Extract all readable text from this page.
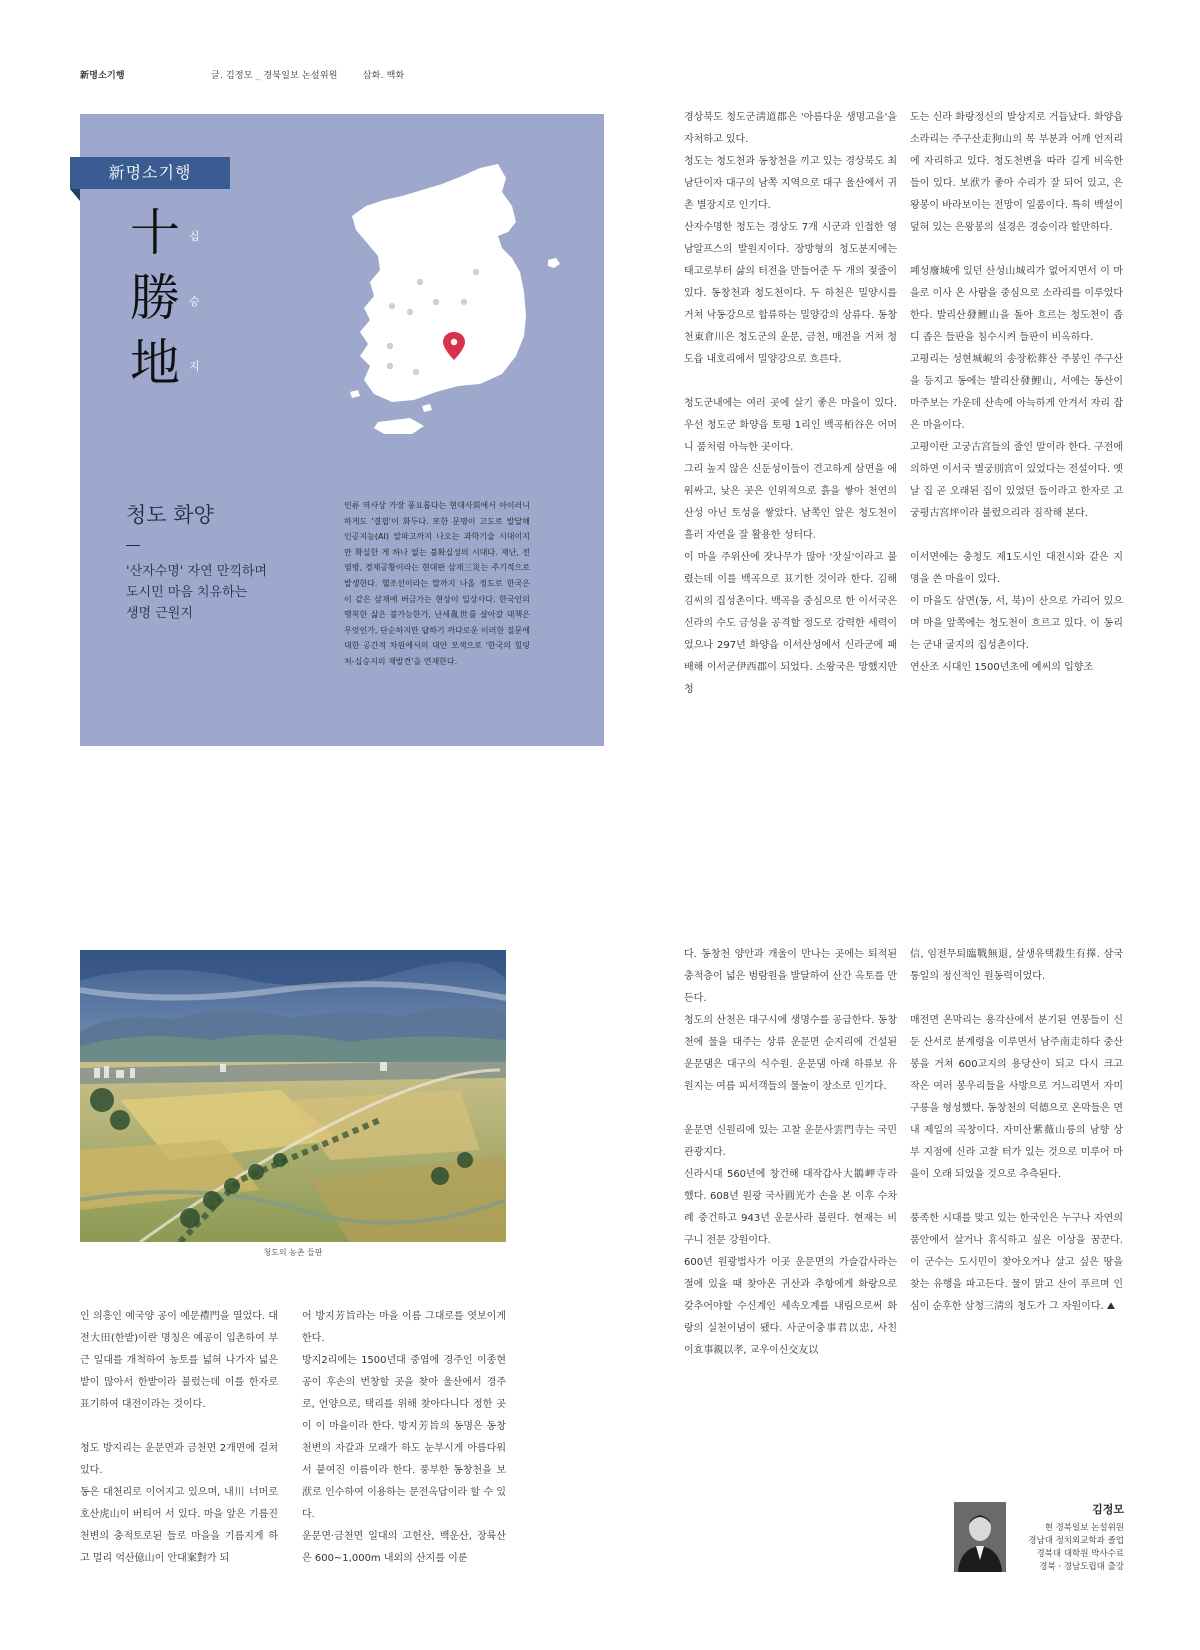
新명소기행	글. 김정모 _ 경북일보 논설위원	삽화. 백화
新명소기행
十
勝
地
십
승
지
청도 화양
'산자수명' 자연 만끽하며
도시민 마음 치유하는
생명 근원지

인류 역사상 가장 풍요롭다는 현대사회에서 아이러니하게도 '결핍'이 화두다. 또한 문명이 고도로 발달해 인공지능(AI) 알파고까지 나오는 과학기술 시대이지만 확실한 게 하나 없는 불확실성의 시대다. 재난, 전염병, 경제공황이라는 현대판 삼재三災는 주기적으로 발생한다. 헬조선이라는 말까지 나올 정도로 한국은 이 같은 삼재에 버금가는 현상이 일상사다. 한국인의 행복한 삶은 불가능한가, 난세亂世를 살아갈 대책은 무엇인가, 단순하지만 답하기 까다로운 이러한 질문에 대한 공간적 차원에서의 대안 모색으로 '한국의 힐링처-십승지의 재발견'을 연재한다.

경상북도 청도군淸道郡은 '아름다운 생명고을'을 자처하고 있다.

청도는 청도천과 동창천을 끼고 있는 경상북도 최남단이자 대구의 남쪽 지역으로 대구 울산에서 귀촌 별장지로 인기다.

산자수명한 청도는 경상도 7개 시군과 인접한 영남알프스의 발원지이다. 장방형의 청도분지에는 태고로부터 삶의 터전을 만들어준 두 개의 젖줄이 있다. 동창천과 청도천이다. 두 하천은 밀양시를 거쳐 낙동강으로 합류하는 밀양강의 상류다. 동창천東倉川은 청도군의 운문, 금천, 매전을 거쳐 청도읍 내호리에서 밀양강으로 흐른다.

청도군내에는 여러 곳에 살기 좋은 마을이 있다. 우선 청도군 화양읍 토평 1리인 백곡栢谷은 어머니 품처럼 아늑한 곳이다.

그리 높지 않은 신둔성이들이 견고하게 삼면을 에워싸고, 낮은 곳은 인위적으로 흙을 쌓아 천연의 산성 아닌 토성을 쌓았다. 남쪽인 앞은 청도천이 흘러 자연을 잘 활용한 성터다.

이 마을 주위산에 잣나무가 많아 '잣실'이라고 불렸는데 이를 백곡으로 표기한 것이라 한다. 김해김씨의 집성촌이다. 백곡을 중심으로 한 이서국은 신라의 수도 금성을 공격할 정도로 강력한 세력이었으나 297년 화양읍 이서산성에서 신라군에 패배해 이서군伊西郡이 되었다. 소왕국은 망했지만 청

도는 신라 화랑정신의 발상지로 거듭났다. 화양읍 소라리는 주구산走狗山의 목 부분과 어깨 언저리에 자리하고 있다. 청도천변을 따라 길게 비옥한 들이 있다. 보洑가 좋아 수리가 잘 되어 있고, 은왕봉이 바라보이는 전망이 일품이다. 특히 백설이 덮혀 있는 은왕봉의 설경은 경승이라 할만하다.

폐성廢城에 있던 산성山城리가 없어지면서 이 마을로 이사 온 사람을 중심으로 소라리를 이루었다 한다. 발리산發鯉山을 돌아 흐르는 청도천이 좁디 좁은 들판을 침수시켜 들판이 비옥하다.

고평리는 성현城峴의 송장松葬산 주봉인 주구산을 등지고 동에는 발리산發鯉山, 서에는 동산이 마주보는 가운데 산속에 아늑하게 안겨서 자리 잡은 마을이다.

고평이란 고궁古宮들의 줄인 말이라 한다. 구전에 의하면 이서국 별궁別宮이 있었다는 전설이다. 옛날 집 곧 오래된 집이 있었던 들이라고 한자로 고궁평古宮坪이라 불렀으리라 짐작해 본다.

이서면에는 충청도 제1도시인 대전시와 같은 지명을 쓴 마을이 있다.

이 마을도 삼면(동, 서, 북)이 산으로 가리어 있으며 마을 앞쪽에는 청도천이 흐르고 있다. 이 동리는 군내 굴지의 집성촌이다.

연산조 시대인 1500년초에 예씨의 입향조

청도의 농촌 들판

인 의흥인 예국양 공이 예문禮門을 열었다. 대전大田(한밭)이란 명칭은 예공이 입촌하여 부근 일대를 개척하여 농토를 넓혀 나가자 넓은 밭이 많아서 한밭이라 불렀는데 이를 한자로 표기하여 대전이라는 것이다.

청도 방지리는 운문면과 금천면 2개면에 걸쳐있다.

동은 대천리로 이어지고 있으며, 내川 너머로 호산虎山이 버티어 서 있다. 마을 앞은 기름진 천변의 충적토로된 들로 마을을 기름지게 하고 멀리 억산億山이 안대案對가 되

어 방지芳旨라는 마을 이름 그대로를 엿보이게 한다.

방지2리에는 1500년대 중엽에 경주인 이종현 공이 후손의 번창할 곳을 찾아 울산에서 경주로, 언양으로, 택리를 위해 찾아다니다 정한 곳이 이 마을이라 한다. 방지芳旨의 동명은 동창천변의 자갈과 모래가 하도 눈부시게 아름다워서 붙여진 이름이라 한다. 풍부한 동창천을 보洑로 인수하여 이용하는 문전옥답이라 할 수 있다.

운문면·금천면 일대의 고헌산, 백운산, 장륙산은 600~1,000m 내외의 산지를 이룬

다. 동창천 양안과 개울이 만나는 곳에는 퇴적된 충적층이 넓은 범람원을 발달하여 산간 옥토를 만든다.

청도의 산천은 대구시에 생명수를 공급한다. 동창천에 물을 대주는 상류 운문면 순지리에 건설된 운문댐은 대구의 식수원. 운문댐 아래 하류보 유원지는 여름 피서객들의 물놀이 장소로 인기다.

운문면 신원리에 있는 고찰 운문사雲門寺는 국민 관광지다.

신라시대 560년에 창건해 대작갑사大鵲岬寺라 했다. 608년 원광 국사圓光가 손을 본 이후 수차례 중건하고 943년 운문사라 불린다. 현재는 비구니 전문 강원이다.

600년 원광법사가 이곳 운문면의 가슬갑사라는 절에 있을 때 찾아온 귀산과 추항에게 화랑으로 갖추어야할 수신계인 세속오계를 내림으로써 화랑의 실천이념이 됐다. 사군이충事君以忠, 사친이효事親以孝, 교우이신交友以

信, 임전무퇴臨戰無退, 살생유택殺生有擇. 삼국통일의 정신적인 원동력이었다.

매전면 온막리는 용각산에서 분기된 연봉들이 신둔 산서로 분계령을 이루면서 남주南走하다 중산봉을 거쳐 600고지의 용당산이 되고 다시 크고 작은 여러 봉우리들을 사방으로 거느리면서 자미구릉을 형성했다. 동창천의 덕德으로 온막들은 면내 제일의 곡창이다. 자미산紫薇山릉의 남향 상부 지점에 신라 고찰 터가 있는 것으로 미루어 마을이 오래 되었을 것으로 추측된다.

풍족한 시대를 맞고 있는 한국인은 누구나 자연의 품안에서 살거나 휴식하고 싶은 이상을 꿈꾼다. 이 군수는 도시민이 찾아오거나 살고 싶은 땅을 찾는 유행을 파고든다. 물이 맑고 산이 푸르며 인심이 순후한 삼청三淸의 청도가 그 자원이다. ⛰

김정모
현 경북일보 논설위원
경남대 정치외교학과 졸업
경북대 대학원 박사수료
경북 · 경남도립대 출강
